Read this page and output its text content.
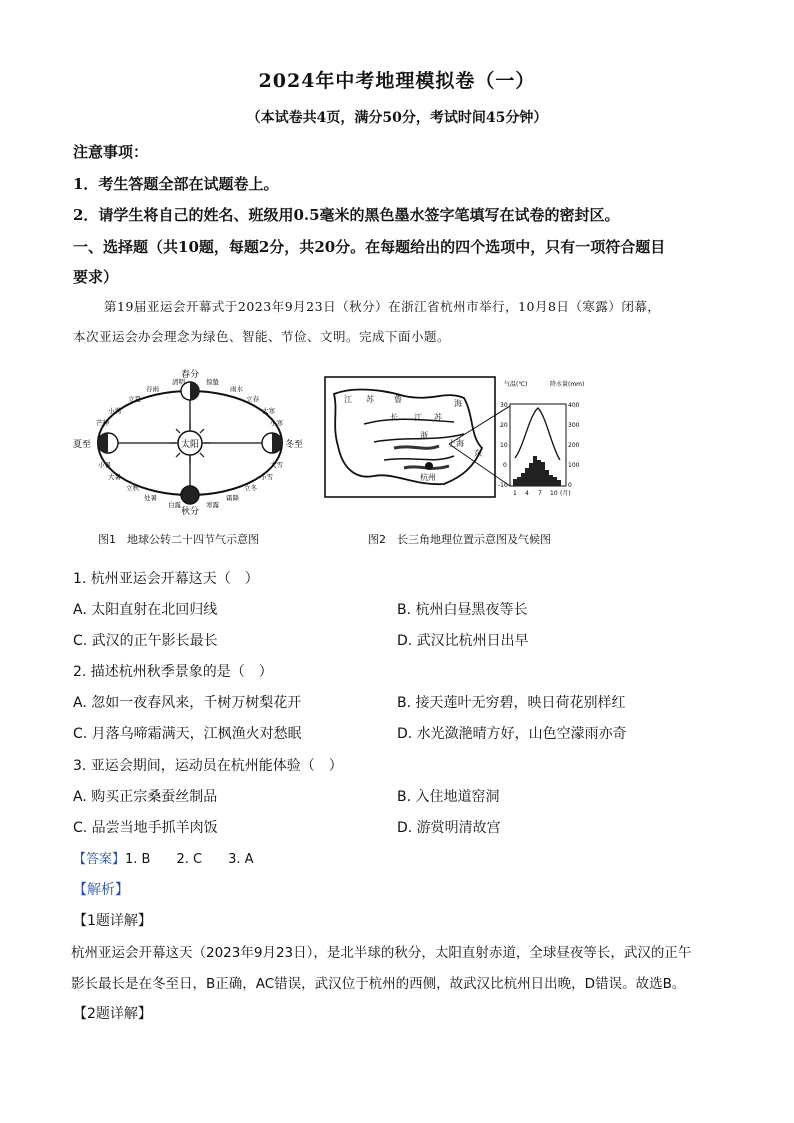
2024年中考地理模拟卷（一）
（本试卷共4页，满分50分，考试时间45分钟）
注意事项：
1．考生答题全部在试题卷上。
2．请学生将自己的姓名、班级用0.5毫米的黑色墨水签字笔填写在试卷的密封区。
一、选择题（共10题，每题2分，共20分。在每题给出的四个选项中，只有一项符合题目
要求）
第19届亚运会开幕式于2023年9月23日（秋分）在浙江省杭州市举行，10月8日（寒露）闭幕，
本次亚运会办会理念为绿色、智能、节俭、文明。完成下面小题。
太阳
春分
秋分
夏至	冬至
清明
谷雨
立夏
小满
芒种
惊蛰
雨水
立春
大寒
小寒
小暑
大暑
立秋
处暑
白露	寒露
霜降
立冬
小雪
大雪
江 苏	鲁
长 江 苏
浙
杭州
海
上海
东
气温(℃)	降水量(mm)
30
20
10
0
-10
400
300
200
100
0
1 4 7 10 (月)
图1　地球公转二十四节气示意图	图2　长三角地理位置示意图及气候图
1. 杭州亚运会开幕这天（　）
A. 太阳直射在北回归线	B. 杭州白昼黑夜等长
C. 武汉的正午影长最长	D. 武汉比杭州日出早
2. 描述杭州秋季景象的是（　）
A. 忽如一夜春风来，千树万树梨花开	B. 接天莲叶无穷碧，映日荷花别样红
C. 月落乌啼霜满天，江枫渔火对愁眠	D. 水光潋滟晴方好，山色空濛雨亦奇
3. 亚运会期间，运动员在杭州能体验（　）
A. 购买正宗桑蚕丝制品	B. 入住地道窑洞
C. 品尝当地手抓羊肉饭	D. 游赏明清故宫
【答案】1. B　　2. C　　3. A
【解析】
【1题详解】
杭州亚运会开幕这天（2023年9月23日），是北半球的秋分，太阳直射赤道，全球昼夜等长，武汉的正午
影长最长是在冬至日，B正确，AC错误，武汉位于杭州的西侧，故武汉比杭州日出晚，D错误。故选B。
【2题详解】
